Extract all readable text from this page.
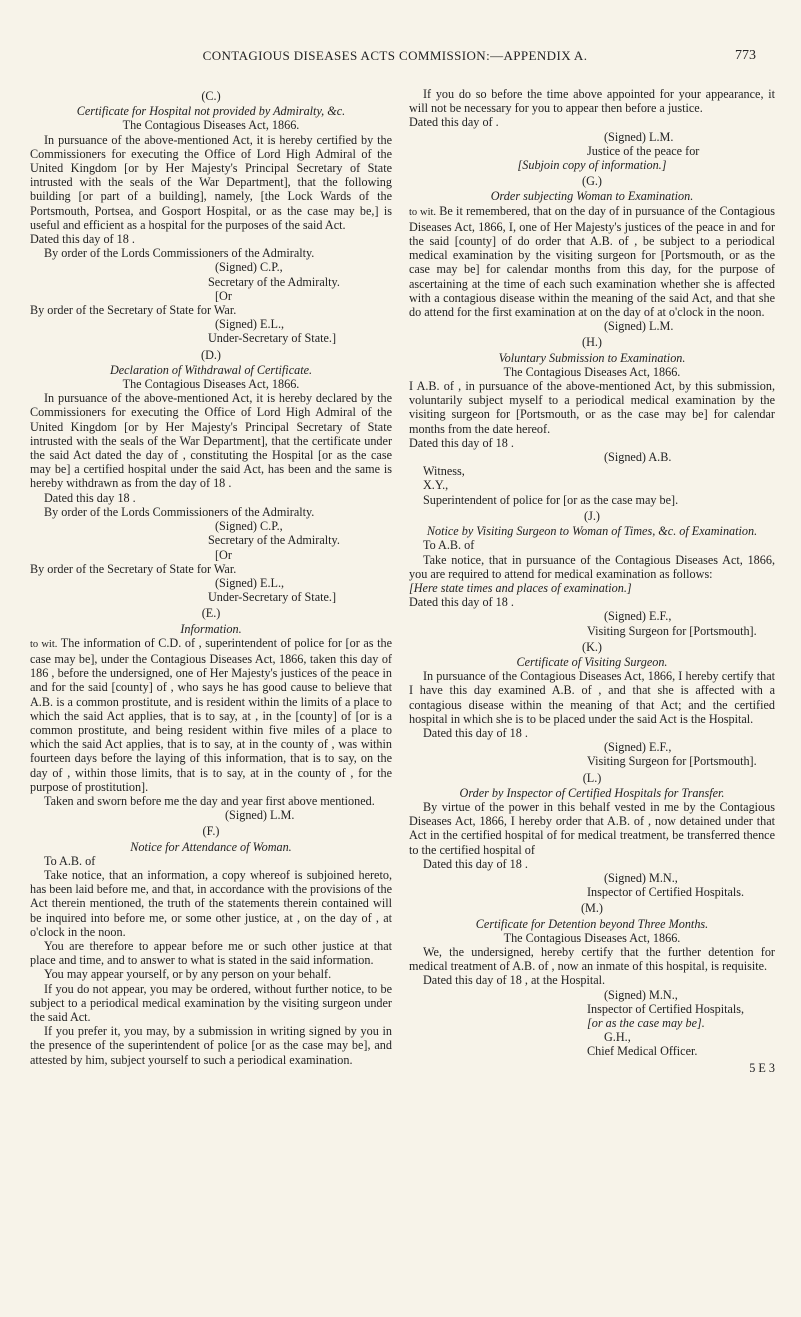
CONTAGIOUS DISEASES ACTS COMMISSION:—APPENDIX A.	773
(C.)
Certificate for Hospital not provided by Admiralty, &c.
The Contagious Diseases Act, 1866.

In pursuance of the above-mentioned Act, it is hereby certified by the Commissioners for executing the Office of Lord High Admiral of the United Kingdom [or by Her Majesty's Principal Secretary of State intrusted with the seals of the War Department], that the following building [or part of a building], namely, [the Lock Wards of the Portsmouth, Portsea, and Gosport Hospital, or as the case may be,] is useful and efficient as a hospital for the purposes of the said Act.

Dated this day of 18 .

By order of the Lords Commissioners of the Admiralty.

(Signed) C.P.,
Secretary of the Admiralty.
[Or

By order of the Secretary of State for War.

(Signed) E.L.,
Under-Secretary of State.]
(D.)
Declaration of Withdrawal of Certificate.
The Contagious Diseases Act, 1866.

In pursuance of the above-mentioned Act, it is hereby declared by the Commissioners for executing the Office of Lord High Admiral of the United Kingdom [or by Her Majesty's Principal Secretary of State intrusted with the seals of the War Department], that the certificate under the said Act dated the day of , constituting the Hospital [or as the case may be] a certified hospital under the said Act, has been and the same is hereby withdrawn as from the day of 18 .

Dated this day 18 .

By order of the Lords Commissioners of the Admiralty.

(Signed) C.P.,
Secretary of the Admiralty.
[Or

By order of the Secretary of State for War.

(Signed) E.L.,
Under-Secretary of State.]
(E.)
Information.

to wit. The information of C.D. of , superintendent of police for [or as the case may be], under the Contagious Diseases Act, 1866, taken this day of 186 , before the undersigned, one of Her Majesty's justices of the peace in and for the said [county] of , who says he has good cause to believe that A.B. is a common prostitute, and is resident within the limits of a place to which the said Act applies, that is to say, at , in the [county] of [or is a common prostitute, and being resident within five miles of a place to which the said Act applies, that is to say, at in the county of , was within fourteen days before the laying of this information, that is to say, on the day of , within those limits, that is to say, at in the county of , for the purpose of prostitution].

Taken and sworn before me the day and year first above mentioned.

(Signed) L.M.
(F.)
Notice for Attendance of Woman.

To A.B. of

Take notice, that an information, a copy whereof is subjoined hereto, has been laid before me, and that, in accordance with the provisions of the Act therein mentioned, the truth of the statements therein contained will be inquired into before me, or some other justice, at , on the day of , at o'clock in the noon.

You are therefore to appear before me or such other justice at that place and time, and to answer to what is stated in the said information.

You may appear yourself, or by any person on your behalf.

If you do not appear, you may be ordered, without further notice, to be subject to a periodical medical examination by the visiting surgeon under the said Act.

If you prefer it, you may, by a submission in writing signed by you in the presence of the superintendent of police [or as the case may be], and attested by him, subject yourself to such a periodical examination.

If you do so before the time above appointed for your appearance, it will not be necessary for you to appear then before a justice.

Dated this day of .

(Signed) L.M.
Justice of the peace for
[Subjoin copy of information.]
(G.)
Order subjecting Woman to Examination.

to wit. Be it remembered, that on the day of in pursuance of the Contagious Diseases Act, 1866, I, one of Her Majesty's justices of the peace in and for the said [county] of do order that A.B. of , be subject to a periodical medical examination by the visiting surgeon for [Portsmouth, or as the case may be] for calendar months from this day, for the purpose of ascertaining at the time of each such examination whether she is affected with a contagious disease within the meaning of the said Act, and that she do attend for the first examination at on the day of at o'clock in the noon.

(Signed) L.M.
(H.)
Voluntary Submission to Examination.
The Contagious Diseases Act, 1866.

I A.B. of , in pursuance of the above-mentioned Act, by this submission, voluntarily subject myself to a periodical medical examination by the visiting surgeon for [Portsmouth, or as the case may be] for calendar months from the date hereof.

Dated this day of 18 .

(Signed) A.B.

Witness,

X.Y.,

Superintendent of police for [or as the case may be].

(J.)
Notice by Visiting Surgeon to Woman of Times, &c. of Examination.

To A.B. of

Take notice, that in pursuance of the Contagious Diseases Act, 1866, you are required to attend for medical examination as follows:

[Here state times and places of examination.]

Dated this day of 18 .

(Signed) E.F.,
Visiting Surgeon for [Portsmouth].
(K.)
Certificate of Visiting Surgeon.

In pursuance of the Contagious Diseases Act, 1866, I hereby certify that I have this day examined A.B. of , and that she is affected with a contagious disease within the meaning of that Act; and the certified hospital in which she is to be placed under the said Act is the Hospital.

Dated this day of 18 .

(Signed) E.F.,
Visiting Surgeon for [Portsmouth].
(L.)
Order by Inspector of Certified Hospitals for Transfer.

By virtue of the power in this behalf vested in me by the Contagious Diseases Act, 1866, I hereby order that A.B. of , now detained under that Act in the certified hospital of for medical treatment, be transferred thence to the certified hospital of

Dated this day of 18 .

(Signed) M.N.,
Inspector of Certified Hospitals.
(M.)
Certificate for Detention beyond Three Months.
The Contagious Diseases Act, 1866.

We, the undersigned, hereby certify that the further detention for medical treatment of A.B. of , now an inmate of this hospital, is requisite.

Dated this day of 18 , at the Hospital.

(Signed) M.N.,
Inspector of Certified Hospitals,
[or as the case may be].
G.H.,
Chief Medical Officer.
5 E 3
